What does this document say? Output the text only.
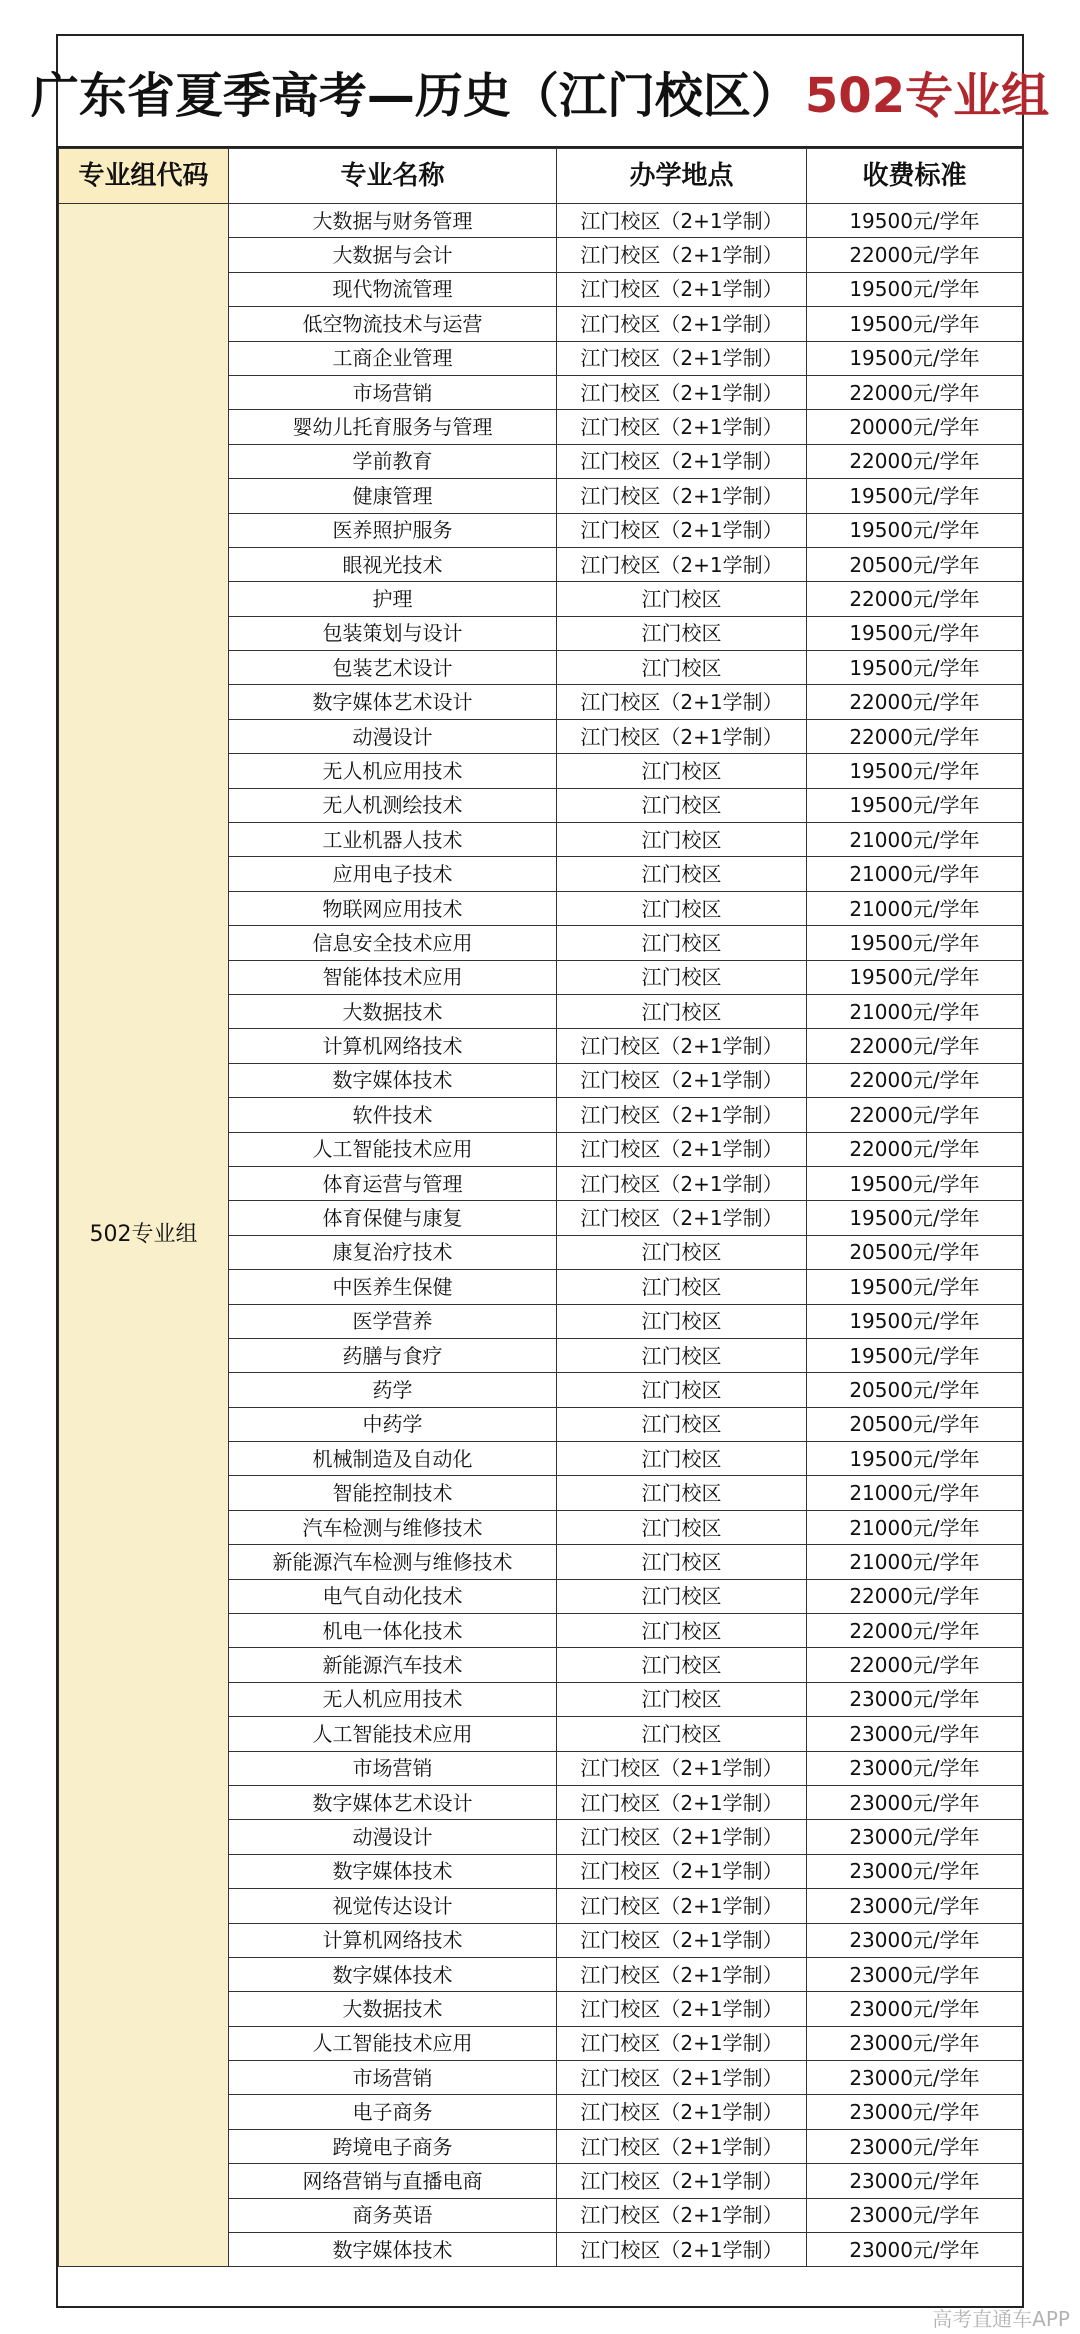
广东省夏季高考—历史（江门校区） 502专业组
专业组代码	专业名称	办学地点	收费标准
502专业组	大数据与财务管理	江门校区（2+1学制）	19500元/学年
	大数据与会计	江门校区（2+1学制）	22000元/学年
	现代物流管理	江门校区（2+1学制）	19500元/学年
	低空物流技术与运营	江门校区（2+1学制）	19500元/学年
	工商企业管理	江门校区（2+1学制）	19500元/学年
	市场营销	江门校区（2+1学制）	22000元/学年
	婴幼儿托育服务与管理	江门校区（2+1学制）	20000元/学年
	学前教育	江门校区（2+1学制）	22000元/学年
	健康管理	江门校区（2+1学制）	19500元/学年
	医养照护服务	江门校区（2+1学制）	19500元/学年
	眼视光技术	江门校区（2+1学制）	20500元/学年
	护理	江门校区	22000元/学年
	包装策划与设计	江门校区	19500元/学年
	包装艺术设计	江门校区	19500元/学年
	数字媒体艺术设计	江门校区（2+1学制）	22000元/学年
	动漫设计	江门校区（2+1学制）	22000元/学年
	无人机应用技术	江门校区	19500元/学年
	无人机测绘技术	江门校区	19500元/学年
	工业机器人技术	江门校区	21000元/学年
	应用电子技术	江门校区	21000元/学年
	物联网应用技术	江门校区	21000元/学年
	信息安全技术应用	江门校区	19500元/学年
	智能体技术应用	江门校区	19500元/学年
	大数据技术	江门校区	21000元/学年
	计算机网络技术	江门校区（2+1学制）	22000元/学年
	数字媒体技术	江门校区（2+1学制）	22000元/学年
	软件技术	江门校区（2+1学制）	22000元/学年
	人工智能技术应用	江门校区（2+1学制）	22000元/学年
	体育运营与管理	江门校区（2+1学制）	19500元/学年
	体育保健与康复	江门校区（2+1学制）	19500元/学年
	康复治疗技术	江门校区	20500元/学年
	中医养生保健	江门校区	19500元/学年
	医学营养	江门校区	19500元/学年
	药膳与食疗	江门校区	19500元/学年
	药学	江门校区	20500元/学年
	中药学	江门校区	20500元/学年
	机械制造及自动化	江门校区	19500元/学年
	智能控制技术	江门校区	21000元/学年
	汽车检测与维修技术	江门校区	21000元/学年
	新能源汽车检测与维修技术	江门校区	21000元/学年
	电气自动化技术	江门校区	22000元/学年
	机电一体化技术	江门校区	22000元/学年
	新能源汽车技术	江门校区	22000元/学年
	无人机应用技术	江门校区	23000元/学年
	人工智能技术应用	江门校区	23000元/学年
	市场营销	江门校区（2+1学制）	23000元/学年
	数字媒体艺术设计	江门校区（2+1学制）	23000元/学年
	动漫设计	江门校区（2+1学制）	23000元/学年
	数字媒体技术	江门校区（2+1学制）	23000元/学年
	视觉传达设计	江门校区（2+1学制）	23000元/学年
	计算机网络技术	江门校区（2+1学制）	23000元/学年
	数字媒体技术	江门校区（2+1学制）	23000元/学年
	大数据技术	江门校区（2+1学制）	23000元/学年
	人工智能技术应用	江门校区（2+1学制）	23000元/学年
	市场营销	江门校区（2+1学制）	23000元/学年
	电子商务	江门校区（2+1学制）	23000元/学年
	跨境电子商务	江门校区（2+1学制）	23000元/学年
	网络营销与直播电商	江门校区（2+1学制）	23000元/学年
	商务英语	江门校区（2+1学制）	23000元/学年
	数字媒体技术	江门校区（2+1学制）	23000元/学年
高考直通车APP
